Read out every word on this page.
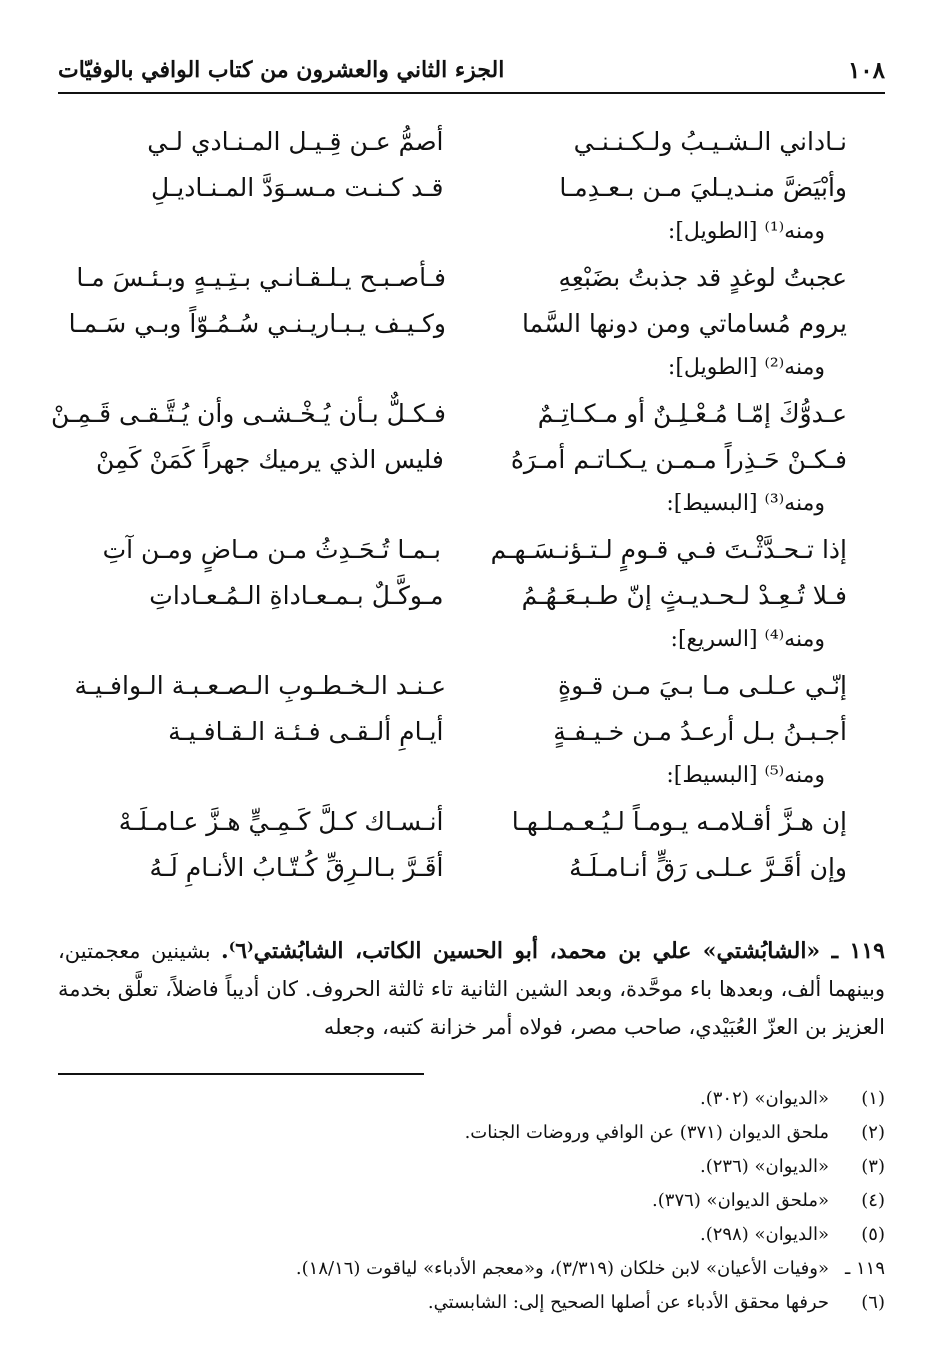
١٠٨
الجزء الثاني والعشرون من كتاب الوافي بالوفيّات
نـاداني الـشـيـبُ ولـكـنـنـي
أصمُّ عـن قِـيـل المـنـادي لـي
وأبْيَضَّ منـديـليَ مـن بـعـدِمـا
قـد كـنـت مـسـوَدَّ المـنـاديـلِ
ومنه⁽¹⁾ [الطويل]:
عجبتُ لوغدٍ قد جذبتُ بضَبْعِهِ
فـأصـبـح يـلـقـانـي بـتِـيـهٍ وبـئـسَ مـا
يروم مُساماتي ومن دونها السَّما
وكـيـف يـبـاريـنـي سُـمُـوّاً وبـي سَـمـا
ومنه⁽²⁾ [الطويل]:
عـدوُّكَ إمّـا مُـعْـلِـنٌ أو مـكـاتِـمٌ
فـكـلٌّ بـأن يُـخْـشـى وأن يُـتَّـقـى قَـمِـنْ
فـكـنْ حَـذِراً مـمـن يـكـاتـم أمـرَهُ
فليس الذي يرميك جهراً كَمَنْ كَمِنْ
ومنه⁽³⁾ [البسيط]:
إذا تـحـدَّثْـتَ فـي قـومٍ لـتـؤنـسَـهـم
بـمـا تُـحَـدِثُ مـن مـاضٍ ومـن آتِ
فـلا تُـعِـدْ لـحـديـثٍ إنّ طـبـعَـهُـمُ
مـوكَّـلٌ بـمـعـاداةِ الـمُـعـاداتِ
ومنه⁽⁴⁾ [السريع]:
إنّـي عـلـى مـا بـيَ مـن قـوةٍ
عـنـد الـخـطـوبِ الـصـعـبـة الـوافـيـة
أجـبـنُ بـل أرعـدُ مـن خـيـفـةٍ
أيـامِ ألـقـى فـئـة الـقـافـيـة
ومنه⁽⁵⁾ [البسيط]:
إن هـزَّ أقـلامـه يـومـاً لـيُـعـمـلـهـا
أنـسـاك كـلَّ كَـمِـيٍّ هـزَّ عـامـلَـهْ
وإن أقَـرَّ عـلـى رَقٍّ أنـامـلَـهُ
أقَـرَّ بـالـرِقِّ كُـتّـابُ الأنـامِ لَـهُ
١١٩ ـ «الشابُشتي» علي بن محمد، أبو الحسين الكاتب، الشابُشتي⁽٦⁾. بشينين معجمتين، وبينهما ألف، وبعدها باء موحَّدة، وبعد الشين الثانية تاء ثالثة الحروف. كان أديباً فاضلاً، تعلَّق بخدمة العزيز بن العزّ العُبَيْدي، صاحب مصر، فولاه أمر خزانة كتبه، وجعله
(١)
«الديوان» (٣٠٢).
(٢)
ملحق الديوان (٣٧١) عن الوافي وروضات الجنات.
(٣)
«الديوان» (٢٣٦).
(٤)
«ملحق الديوان» (٣٧٦).
(٥)
«الديوان» (٢٩٨).
١١٩ ـ
«وفيات الأعيان» لابن خلكان (٣/٣١٩)، و«معجم الأدباء» لياقوت (١٨/١٦).
(٦)
حرفها محقق الأدباء عن أصلها الصحيح إلى: الشابستي.
